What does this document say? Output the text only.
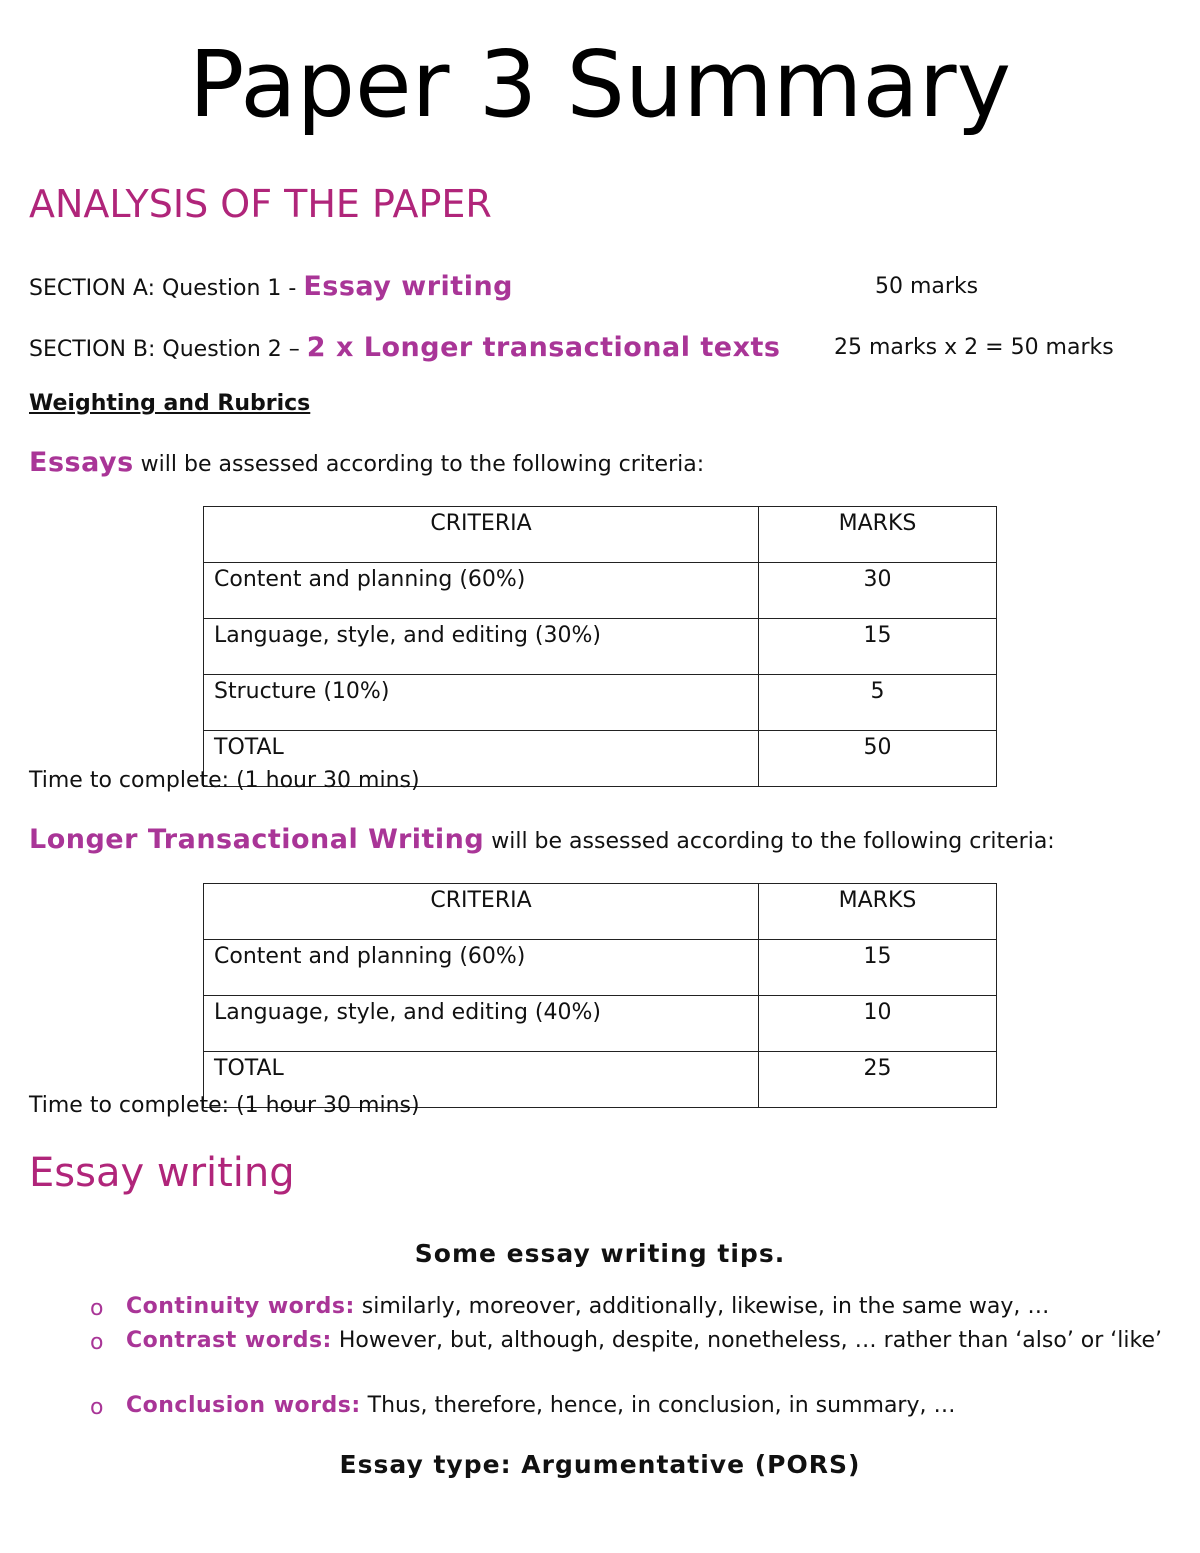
Paper 3 Summary
ANALYSIS OF THE PAPER
SECTION A: Question 1 - Essay writing	50 marks
SECTION B: Question 2 – 2 x Longer transactional texts 25 marks x 2 = 50 marks
Weighting and Rubrics
Essays will be assessed according to the following criteria:
CRITERIA	MARKS
Content and planning (60%)	30
Language, style, and editing (30%)	15
Structure (10%)	5
TOTAL	50
Time to complete: (1 hour 30 mins)
Longer Transactional Writing will be assessed according to the following criteria:
CRITERIA	MARKS
Content and planning (60%)	15
Language, style, and editing (40%)	10
TOTAL	25
Time to complete: (1 hour 30 mins)
Essay writing
Some essay writing tips.
o Continuity words: similarly, moreover, additionally, likewise, in the same way, …
o Contrast words: However, but, although, despite, nonetheless, … rather than ‘also’ or ‘like’
o Conclusion words: Thus, therefore, hence, in conclusion, in summary, …
Essay type: Argumentative (PORS)
